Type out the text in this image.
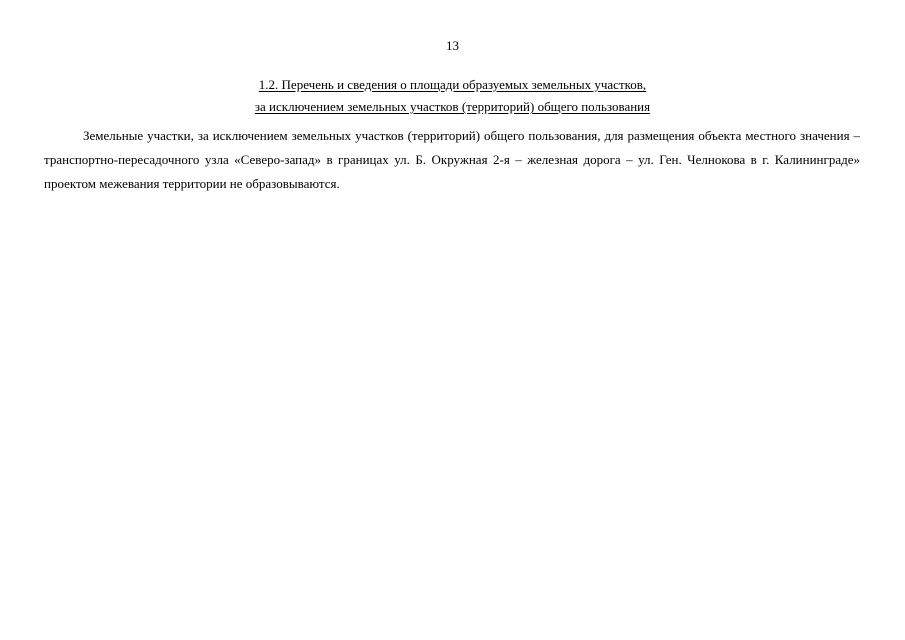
13
1.2. Перечень и сведения о площади образуемых земельных участков,
за исключением земельных участков (территорий) общего пользования

Земельные участки, за исключением земельных участков (территорий) общего пользования, для размещения объекта местного значения – транспортно-пересадочного узла «Северо-запад» в границах ул. Б. Окружная 2-я – железная дорога – ул. Ген. Челнокова в г. Калининграде» проектом межевания территории не образовываются.
